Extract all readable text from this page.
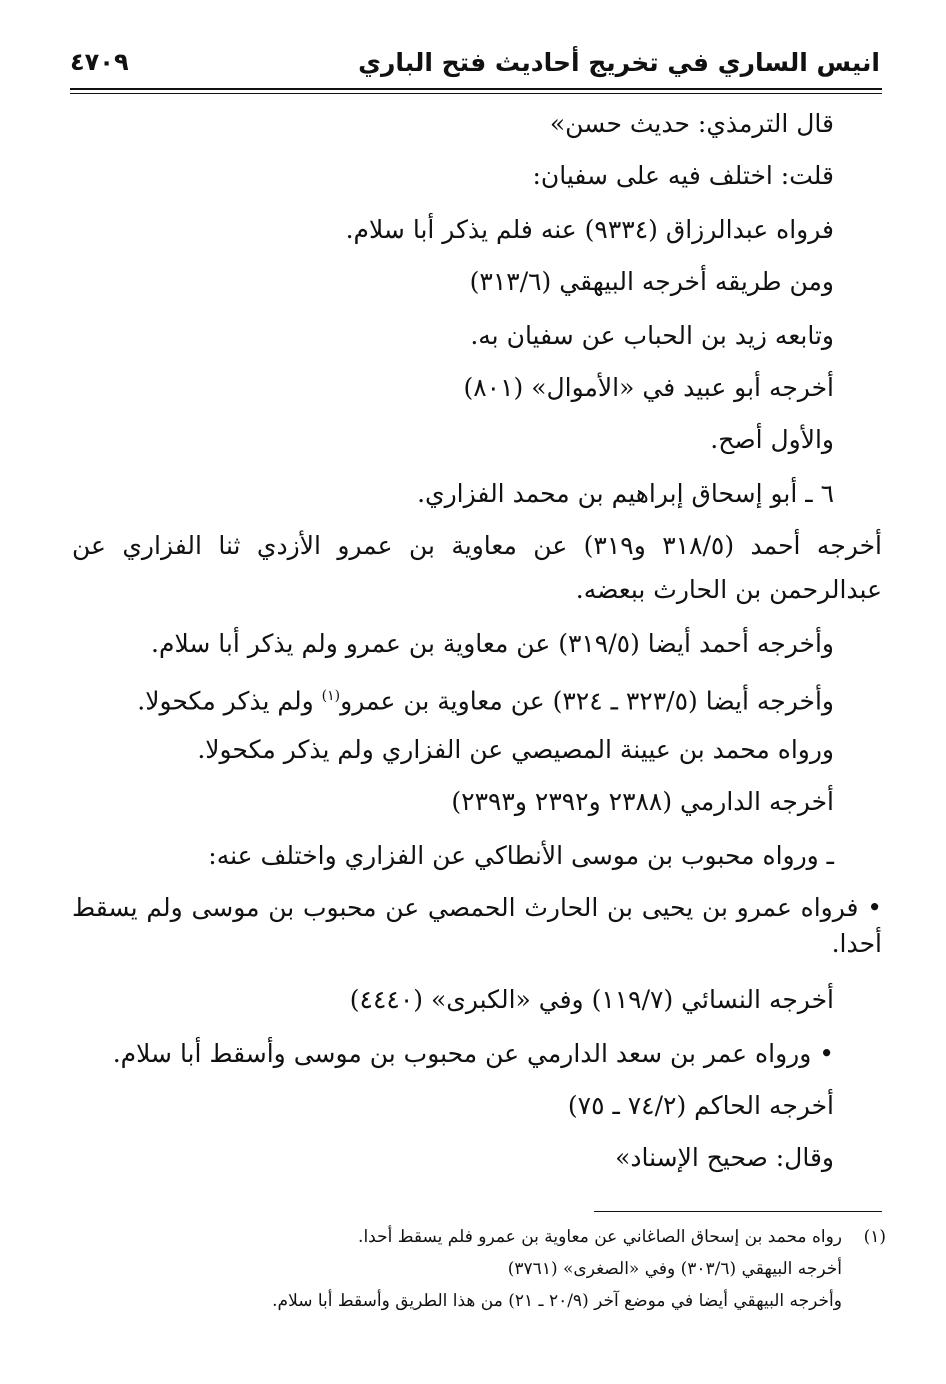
انيس الساري في تخريج أحاديث فتح الباري
٤٧٠٩
قال الترمذي: حديث حسن»
قلت: اختلف فيه على سفيان:
فرواه عبدالرزاق (٩٣٣٤) عنه فلم يذكر أبا سلام.
ومن طريقه أخرجه البيهقي (٣١٣/٦)
وتابعه زيد بن الحباب عن سفيان به.
أخرجه أبو عبيد في «الأموال» (٨٠١)
والأول أصح.
٦ ـ أبو إسحاق إبراهيم بن محمد الفزاري.
أخرجه أحمد (٣١٨/٥ و٣١٩) عن معاوية بن عمرو الأزدي ثنا الفزاري عن
عبدالرحمن بن الحارث ببعضه.
وأخرجه أحمد أيضا (٣١٩/٥) عن معاوية بن عمرو ولم يذكر أبا سلام.
وأخرجه أيضا (٣٢٣/٥ ـ ٣٢٤) عن معاوية بن عمرو$^{(١)}$ ولم يذكر مكحولا.
ورواه محمد بن عيينة المصيصي عن الفزاري ولم يذكر مكحولا.
أخرجه الدارمي (٢٣٨٨ و٢٣٩٢ و٢٣٩٣)
ـ ورواه محبوب بن موسى الأنطاكي عن الفزاري واختلف عنه:
• فرواه عمرو بن يحيى بن الحارث الحمصي عن محبوب بن موسى ولم يسقط
أحدا.
أخرجه النسائي (١١٩/٧) وفي «الكبرى» (٤٤٤٠)
• ورواه عمر بن سعد الدارمي عن محبوب بن موسى وأسقط أبا سلام.
أخرجه الحاكم (٧٤/٢ ـ ٧٥)
وقال: صحيح الإسناد»
(١)
رواه محمد بن إسحاق الصاغاني عن معاوية بن عمرو فلم يسقط أحدا.
أخرجه البيهقي (٣٠٣/٦) وفي «الصغرى» (٣٧٦١)
وأخرجه البيهقي أيضا في موضع آخر (٢٠/٩ ـ ٢١) من هذا الطريق وأسقط أبا سلام.
